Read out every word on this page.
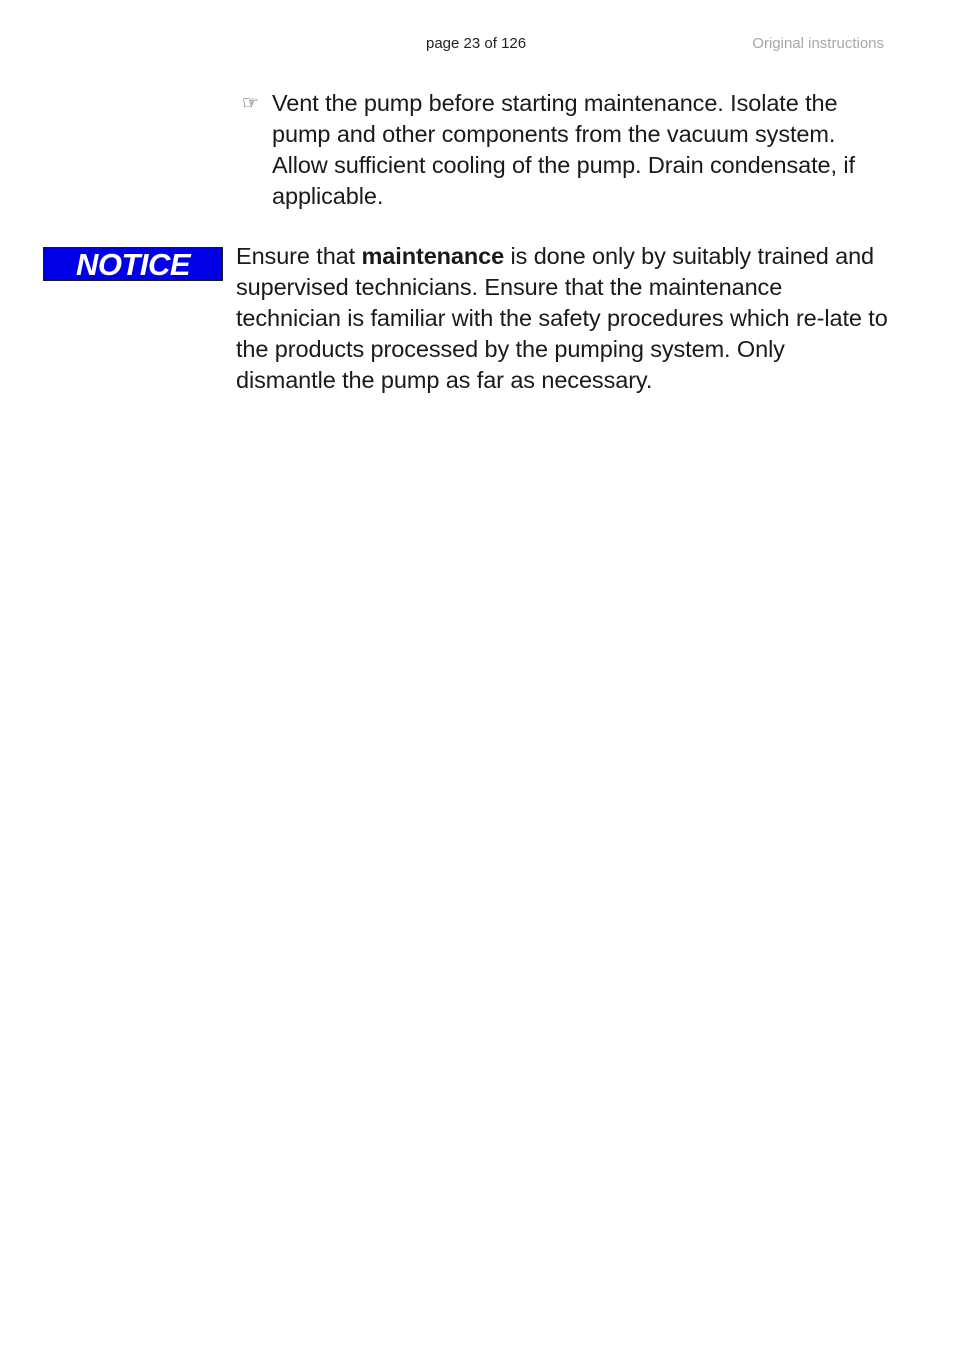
page 23 of 126	Original instructions
☞ Vent the pump before starting maintenance. Isolate the pump and other components from the vacuum system. Allow sufficient cooling of the pump. Drain condensate, if applicable.
NOTICE	Ensure that maintenance is done only by suitably trained and supervised technicians. Ensure that the maintenance technician is familiar with the safety procedures which re-late to the products processed by the pumping system. Only dismantle the pump as far as necessary.
